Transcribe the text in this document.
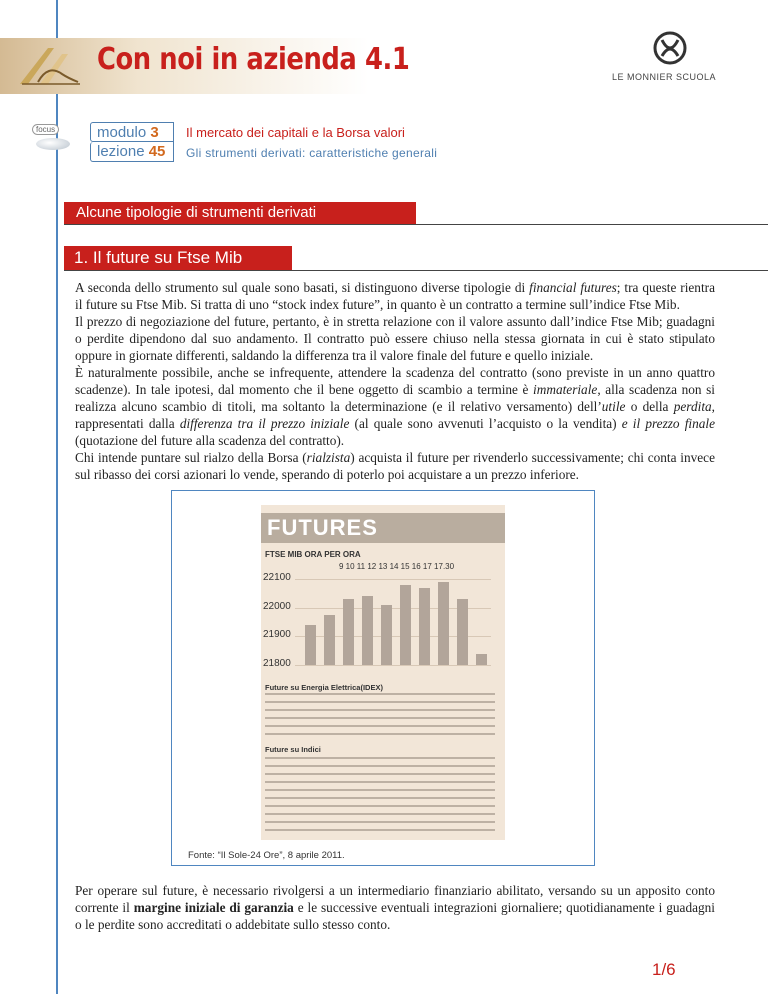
Con noi in azienda 4.1	LE MONNIER SCUOLA
focus	modulo 3
lezione 45
Il mercato dei capitali e la Borsa valori
Gli strumenti derivati: caratteristiche generali
Alcune tipologie di strumenti derivati
1. Il future su Ftse Mib

A seconda dello strumento sul quale sono basati, si distinguono diverse tipologie di financial futures; tra queste rientra il future su Ftse Mib. Si tratta di uno “stock index future”, in quanto è un contratto a termine sull’indice Ftse Mib.

Il prezzo di negoziazione del future, pertanto, è in stretta relazione con il valore assunto dall’indice Ftse Mib; guadagni o perdite dipendono dal suo andamento. Il contratto può essere chiuso nella stessa giornata in cui è stato stipulato oppure in giornate differenti, saldando la differenza tra il valore finale del future e quello iniziale.

È naturalmente possibile, anche se infrequente, attendere la scadenza del contratto (sono previste in un anno quattro scadenze). In tale ipotesi, dal momento che il bene oggetto di scambio a termine è immateriale, alla scadenza non si realizza alcuno scambio di titoli, ma soltanto la determinazione (e il relativo versamento) dell’utile o della perdita, rappresentati dalla differenza tra il prezzo iniziale (al quale sono avvenuti l’acquisto o la vendita) e il prezzo finale (quotazione del future alla scadenza del contratto).

Chi intende puntare sul rialzo della Borsa (rialzista) acquista il future per rivenderlo successivamente; chi conta invece sul ribasso dei corsi azionari lo vende, sperando di poterlo poi acquistare a un prezzo inferiore.

FUTURES
FTSE MIB ORA PER ORA
9 10 11 12 13 14 15 16 17 17.30
Future su Energia Elettrica(IDEX)
Future su Indici
21800
21900
22000
22100
Fonte: “Il Sole-24 Ore”, 8 aprile 2011.

Per operare sul future, è necessario rivolgersi a un intermediario finanziario abilitato, versando su un apposito conto corrente il margine iniziale di garanzia e le successive eventuali integrazioni giornaliere; quotidianamente i guadagni o le perdite sono accreditati o addebitate sullo stesso conto.

1/6
